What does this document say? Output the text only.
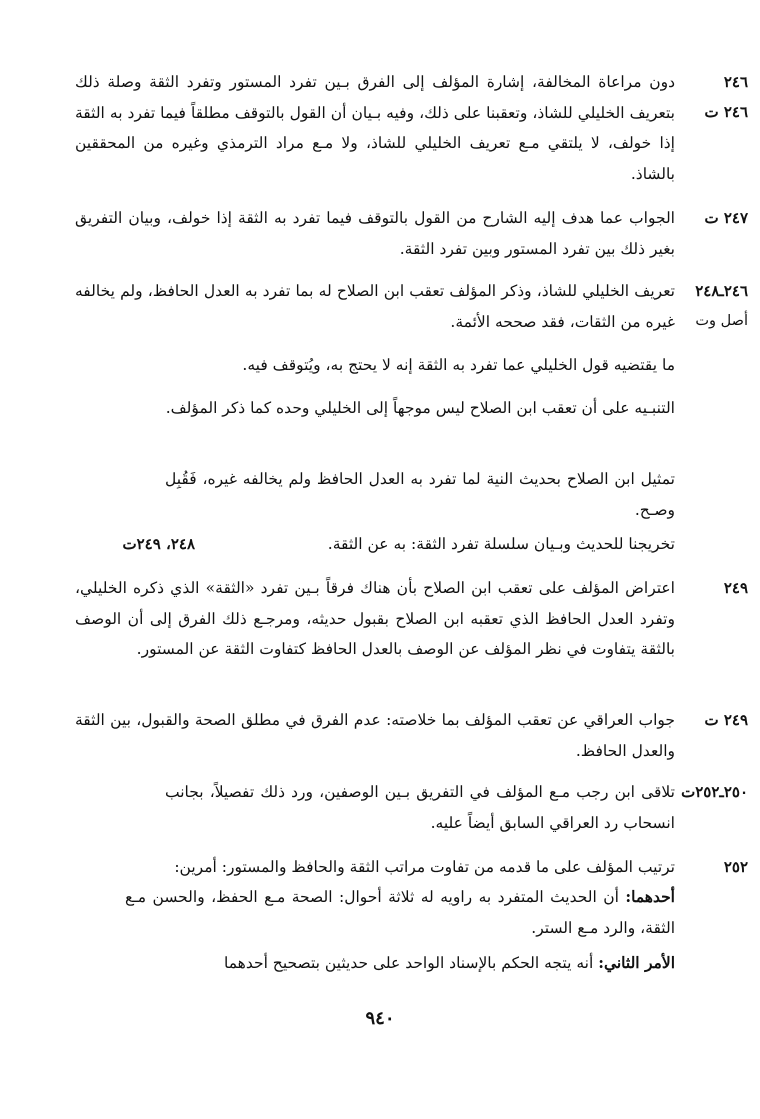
دون مراعاة المخالفة، إشارة المؤلف إلى الفرق بـين تفرد المستور وتفرد الثقة وصلة ذلك بتعريف الخليلي للشاذ، وتعقبنا على ذلك، وفيه بـيان أن القول بالتوقف مطلقاً فيما تفرد به الثقة إذا خولف، لا يلتقي مـع تعريف الخليلي للشاذ، ولا مـع مراد الترمذي وغيره من المحققين بالشاذ.
٢٤٦
٢٤٦ ت
الجواب عما هدف إليه الشارح من القول بالتوقف فيما تفرد به الثقة إذا خولف، وبيان التفريق بغير ذلك بين تفرد المستور وبين تفرد الثقة.
٢٤٧ ت
تعريف الخليلي للشاذ، وذكر المؤلف تعقب ابن الصلاح له بما تفرد به العدل الحافظ، ولم يخالفه غيره من الثقات، فقد صححه الأئمة.
٢٤٦ـ٢٤٨
أصل وت
ما يقتضيه قول الخليلي عما تفرد به الثقة إنه لا يحتج به، ويُتوقف فيه.
التنبـيه على أن تعقب ابن الصلاح ليس موجهاً إلى الخليلي وحده كما ذكر المؤلف.
تمثيل ابن الصلاح بحديث النية لما تفرد به العدل الحافظ ولم يخالفه غيره، فَقُبِل وصـح.
تخريجنا للحديث وبـيان سلسلة تفرد الثقة: به عن الثقة.
٢٤٨، ٢٤٩ت
اعتراض المؤلف على تعقب ابن الصلاح بأن هناك فرقاً بـين تفرد «الثقة» الذي ذكره الخليلي، وتفرد العدل الحافظ الذي تعقبه ابن الصلاح بقبول حديثه، ومرجـع ذلك الفرق إلى أن الوصف بالثقة يتفاوت في نظر المؤلف عن الوصف بالعدل الحافظ كتفاوت الثقة عن المستور.
٢٤٩
جواب العراقي عن تعقب المؤلف بما خلاصته: عدم الفرق في مطلق الصحة والقبول، بين الثقة والعدل الحافظ.
٢٤٩ ت
تلاقى ابن رجب مـع المؤلف في التفريق بـين الوصفين، ورد ذلك تفصيلاً، بجانب انسحاب رد العراقي السابق أيضاً عليه.
٢٥٠ـ٢٥٢ت
ترتيب المؤلف على ما قدمه من تفاوت مراتب الثقة والحافظ والمستور: أمرين:	٢٥٢
أحدهما: أن الحديث المتفرد به راويه له ثلاثة أحوال: الصحة مـع الحفظ، والحسن مـع الثقة، والرد مـع الستر.
الأمر الثاني: أنه يتجه الحكم بالإسناد الواحد على حديثين بتصحيح أحدهما
٩٤٠
